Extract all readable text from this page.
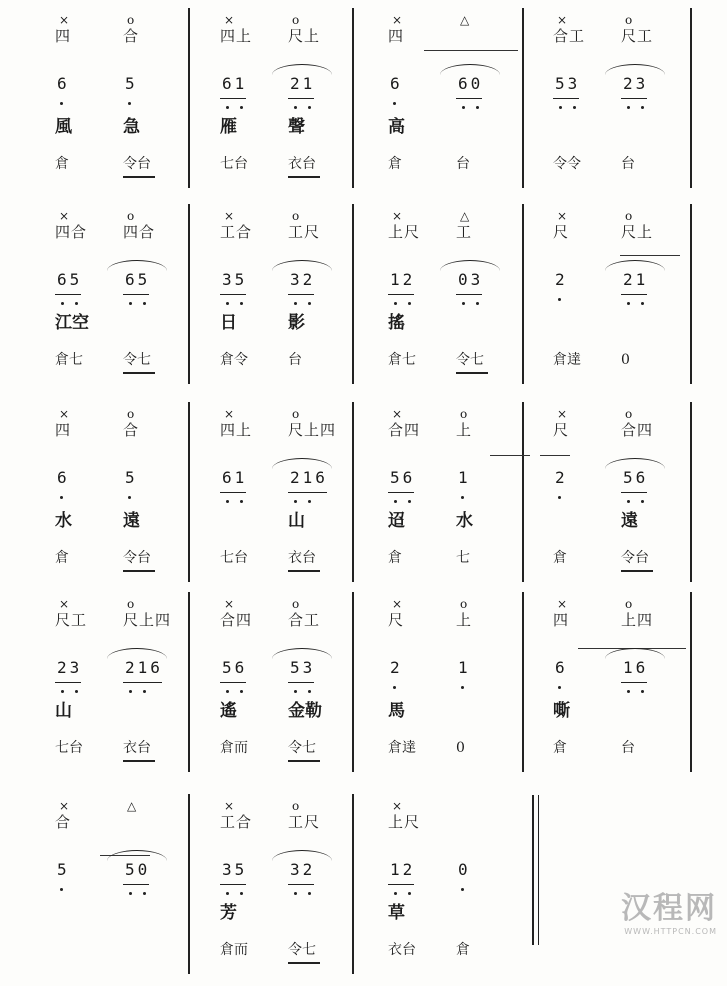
×
四
6
風
倉
o
合
5
急
令台
×
四上
61
雁
七台
o
尺上
21
聲
衣台
×
四
6
高
倉
△
60
台
×
合工
53
令令
o
尺工
23
台
×
四合
65
江空
倉七
o
四合
65
令七
×
工合
35
日
倉令
o
工尺
32
影
台
×
上尺
12
搖
倉七
△
工
03
令七
×
尺
2
倉達
o
尺上
21
0
×
四
6
水
倉
o
合
5
遠
令台
×
四上
61
七台
o
尺上四
216
山
衣台
×
合四
56
迢
倉
o
上
1
水
七
×
尺
2
倉
o
合四
56
遠
令台
×
尺工
23
山
七台
o
尺上四
216
衣台
×
合四
56
遙
倉而
o
合工
53
金勒
令七
×
尺
2
馬
倉達
o
上
1
0
×
四
6
嘶
倉
o
上四
16
台
×
合
5
△
50
×
工合
35
芳
倉而
o
工尺
32
令七
×
上尺
12
草
衣台
0
倉
汉程网
WWW.HTTPCN.COM
